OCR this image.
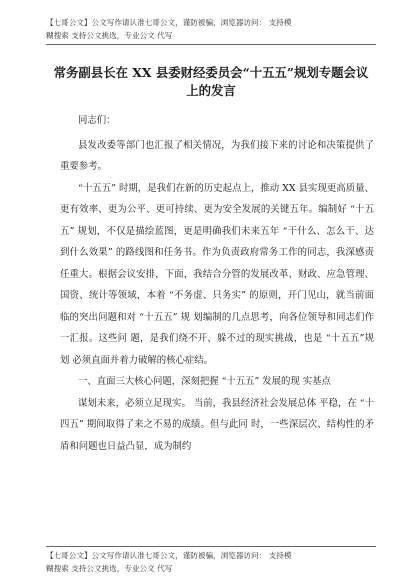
【七哥公文】公文写作请认准七哥公文，谨防被骗，浏览器访问： 支持模
糊搜索 支持公文挑选，专业公文 代写
常务副县长在 XX 县委财经委员会“十五五”规划专题会议
上的发言

同志们：

县发改委等部门也汇报了相关情况，为我们接下来的讨论和决策提供了重要参考。

“十五五” 时期，是我们在新的历史起点上，推动 XX 县实现更高质量、更有效率、更为公平、更可持续、更为安全发展的关键五年。编制好 “十五五” 规划，不仅是描绘蓝图，更是明确我们未来五年 “干什么、怎么干、达到什么效果” 的路线图和任务书。作为负责政府常务工作的同志，我深感责任重大。根据会议安排，下面，我结合分管的发展改革、财政、应急管理、国资、统计等领域，本着 “不务虚、只务实” 的原则，开门见山，就当前面临的突出问题和对 “十五五” 规 划编制的几点思考，向各位领导和同志们作一汇报。这些问 题，是我们绕不开、躲不过的现实挑战，也是 “十五五”规划 必须直面并着力破解的核心症结。

一、直面三大核心问题，深刻把握 “十五五” 发展的现 实基点

谋划未来，必须立足现实。 当前，我县经济社会发展总体 平稳，在 “十四五” 期间取得了来之不易的成绩。但与此同 时，一些深层次、结构性的矛盾和问题也日益凸显，成为制约

【七哥公文】公文写作请认准七哥公文，谨防被骗，浏览器访问： 支持模
糊搜索 支持公文挑选，专业公文 代写
